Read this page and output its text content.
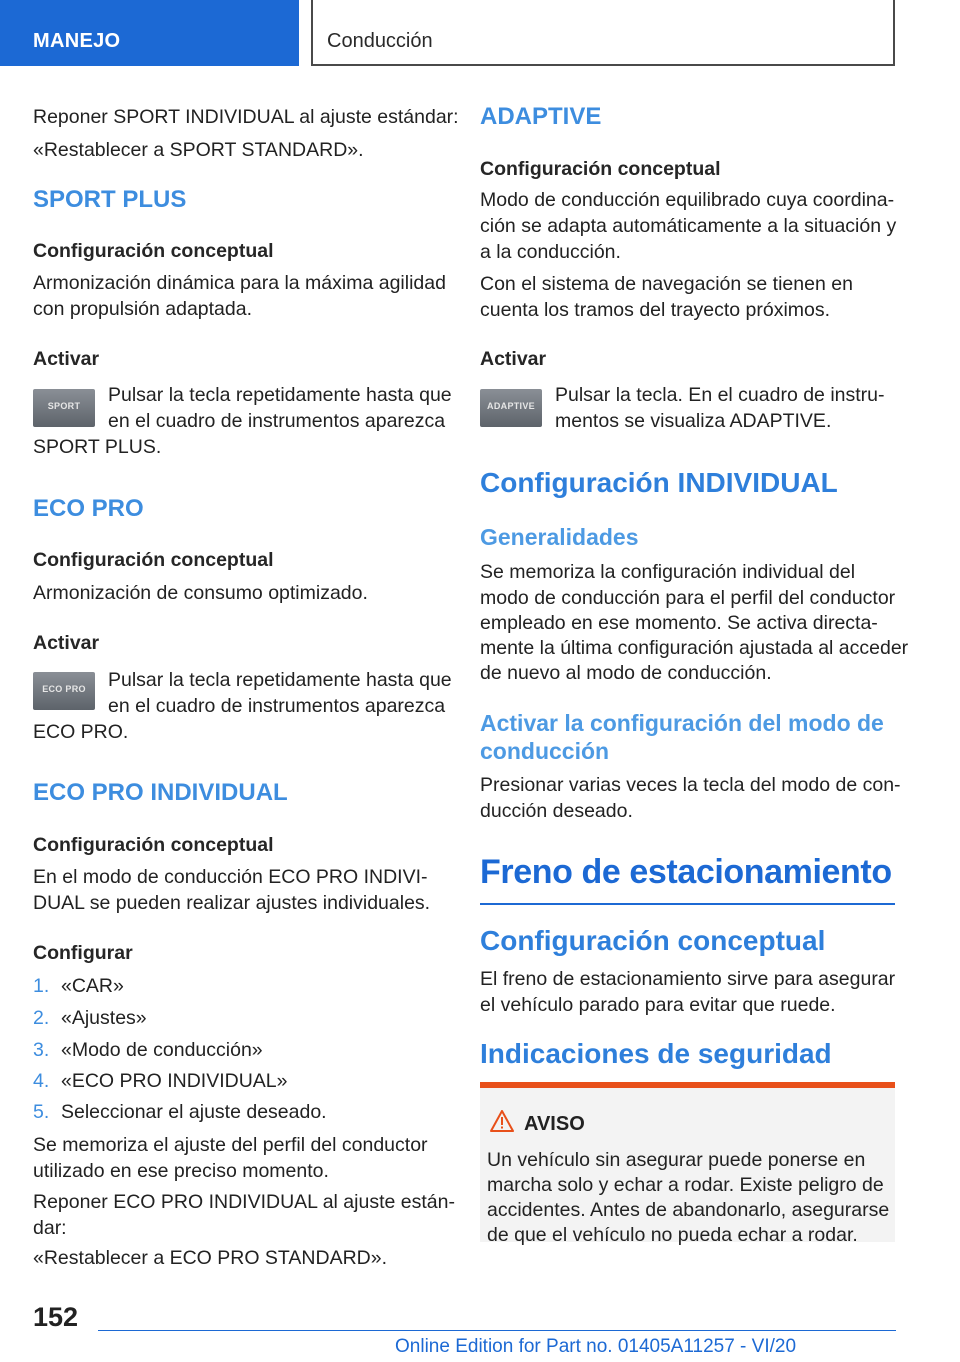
MANEJO	Conducción
Reponer SPORT INDIVIDUAL al ajuste estándar:
«Restablecer a SPORT STANDARD».
SPORT PLUS
Configuración conceptual
Armonización dinámica para la máxima agilidad
con propulsión adaptada.
Activar
SPORT	Pulsar la tecla repetidamente hasta que
en el cuadro de instrumentos aparezca
SPORT PLUS.
ECO PRO
Configuración conceptual
Armonización de consumo optimizado.
Activar
ECO PRO	Pulsar la tecla repetidamente hasta que
en el cuadro de instrumentos aparezca
ECO PRO.
ECO PRO INDIVIDUAL
Configuración conceptual
En el modo de conducción ECO PRO INDIVI-
DUAL se pueden realizar ajustes individuales.
Configurar
1. «CAR»
2. «Ajustes»
3. «Modo de conducción»
4. «ECO PRO INDIVIDUAL»
5. Seleccionar el ajuste deseado.
Se memoriza el ajuste del perfil del conductor
utilizado en ese preciso momento.
Reponer ECO PRO INDIVIDUAL al ajuste están-
dar:
«Restablecer a ECO PRO STANDARD».
ADAPTIVE
Configuración conceptual
Modo de conducción equilibrado cuya coordina-
ción se adapta automáticamente a la situación y
a la conducción.
Con el sistema de navegación se tienen en
cuenta los tramos del trayecto próximos.
Activar
ADAPTIVE	Pulsar la tecla. En el cuadro de instru-
mentos se visualiza ADAPTIVE.
Configuración INDIVIDUAL
Generalidades
Se memoriza la configuración individual del
modo de conducción para el perfil del conductor
empleado en ese momento. Se activa directa-
mente la última configuración ajustada al acceder
de nuevo al modo de conducción.
Activar la configuración del modo de
conducción
Presionar varias veces la tecla del modo de con-
ducción deseado.
Freno de estacionamiento
Configuración conceptual
El freno de estacionamiento sirve para asegurar
el vehículo parado para evitar que ruede.
Indicaciones de seguridad
AVISO
Un vehículo sin asegurar puede ponerse en
marcha solo y echar a rodar. Existe peligro de
accidentes. Antes de abandonarlo, asegurarse
de que el vehículo no pueda echar a rodar.
152
Online Edition for Part no. 01405A11257 - VI/20
